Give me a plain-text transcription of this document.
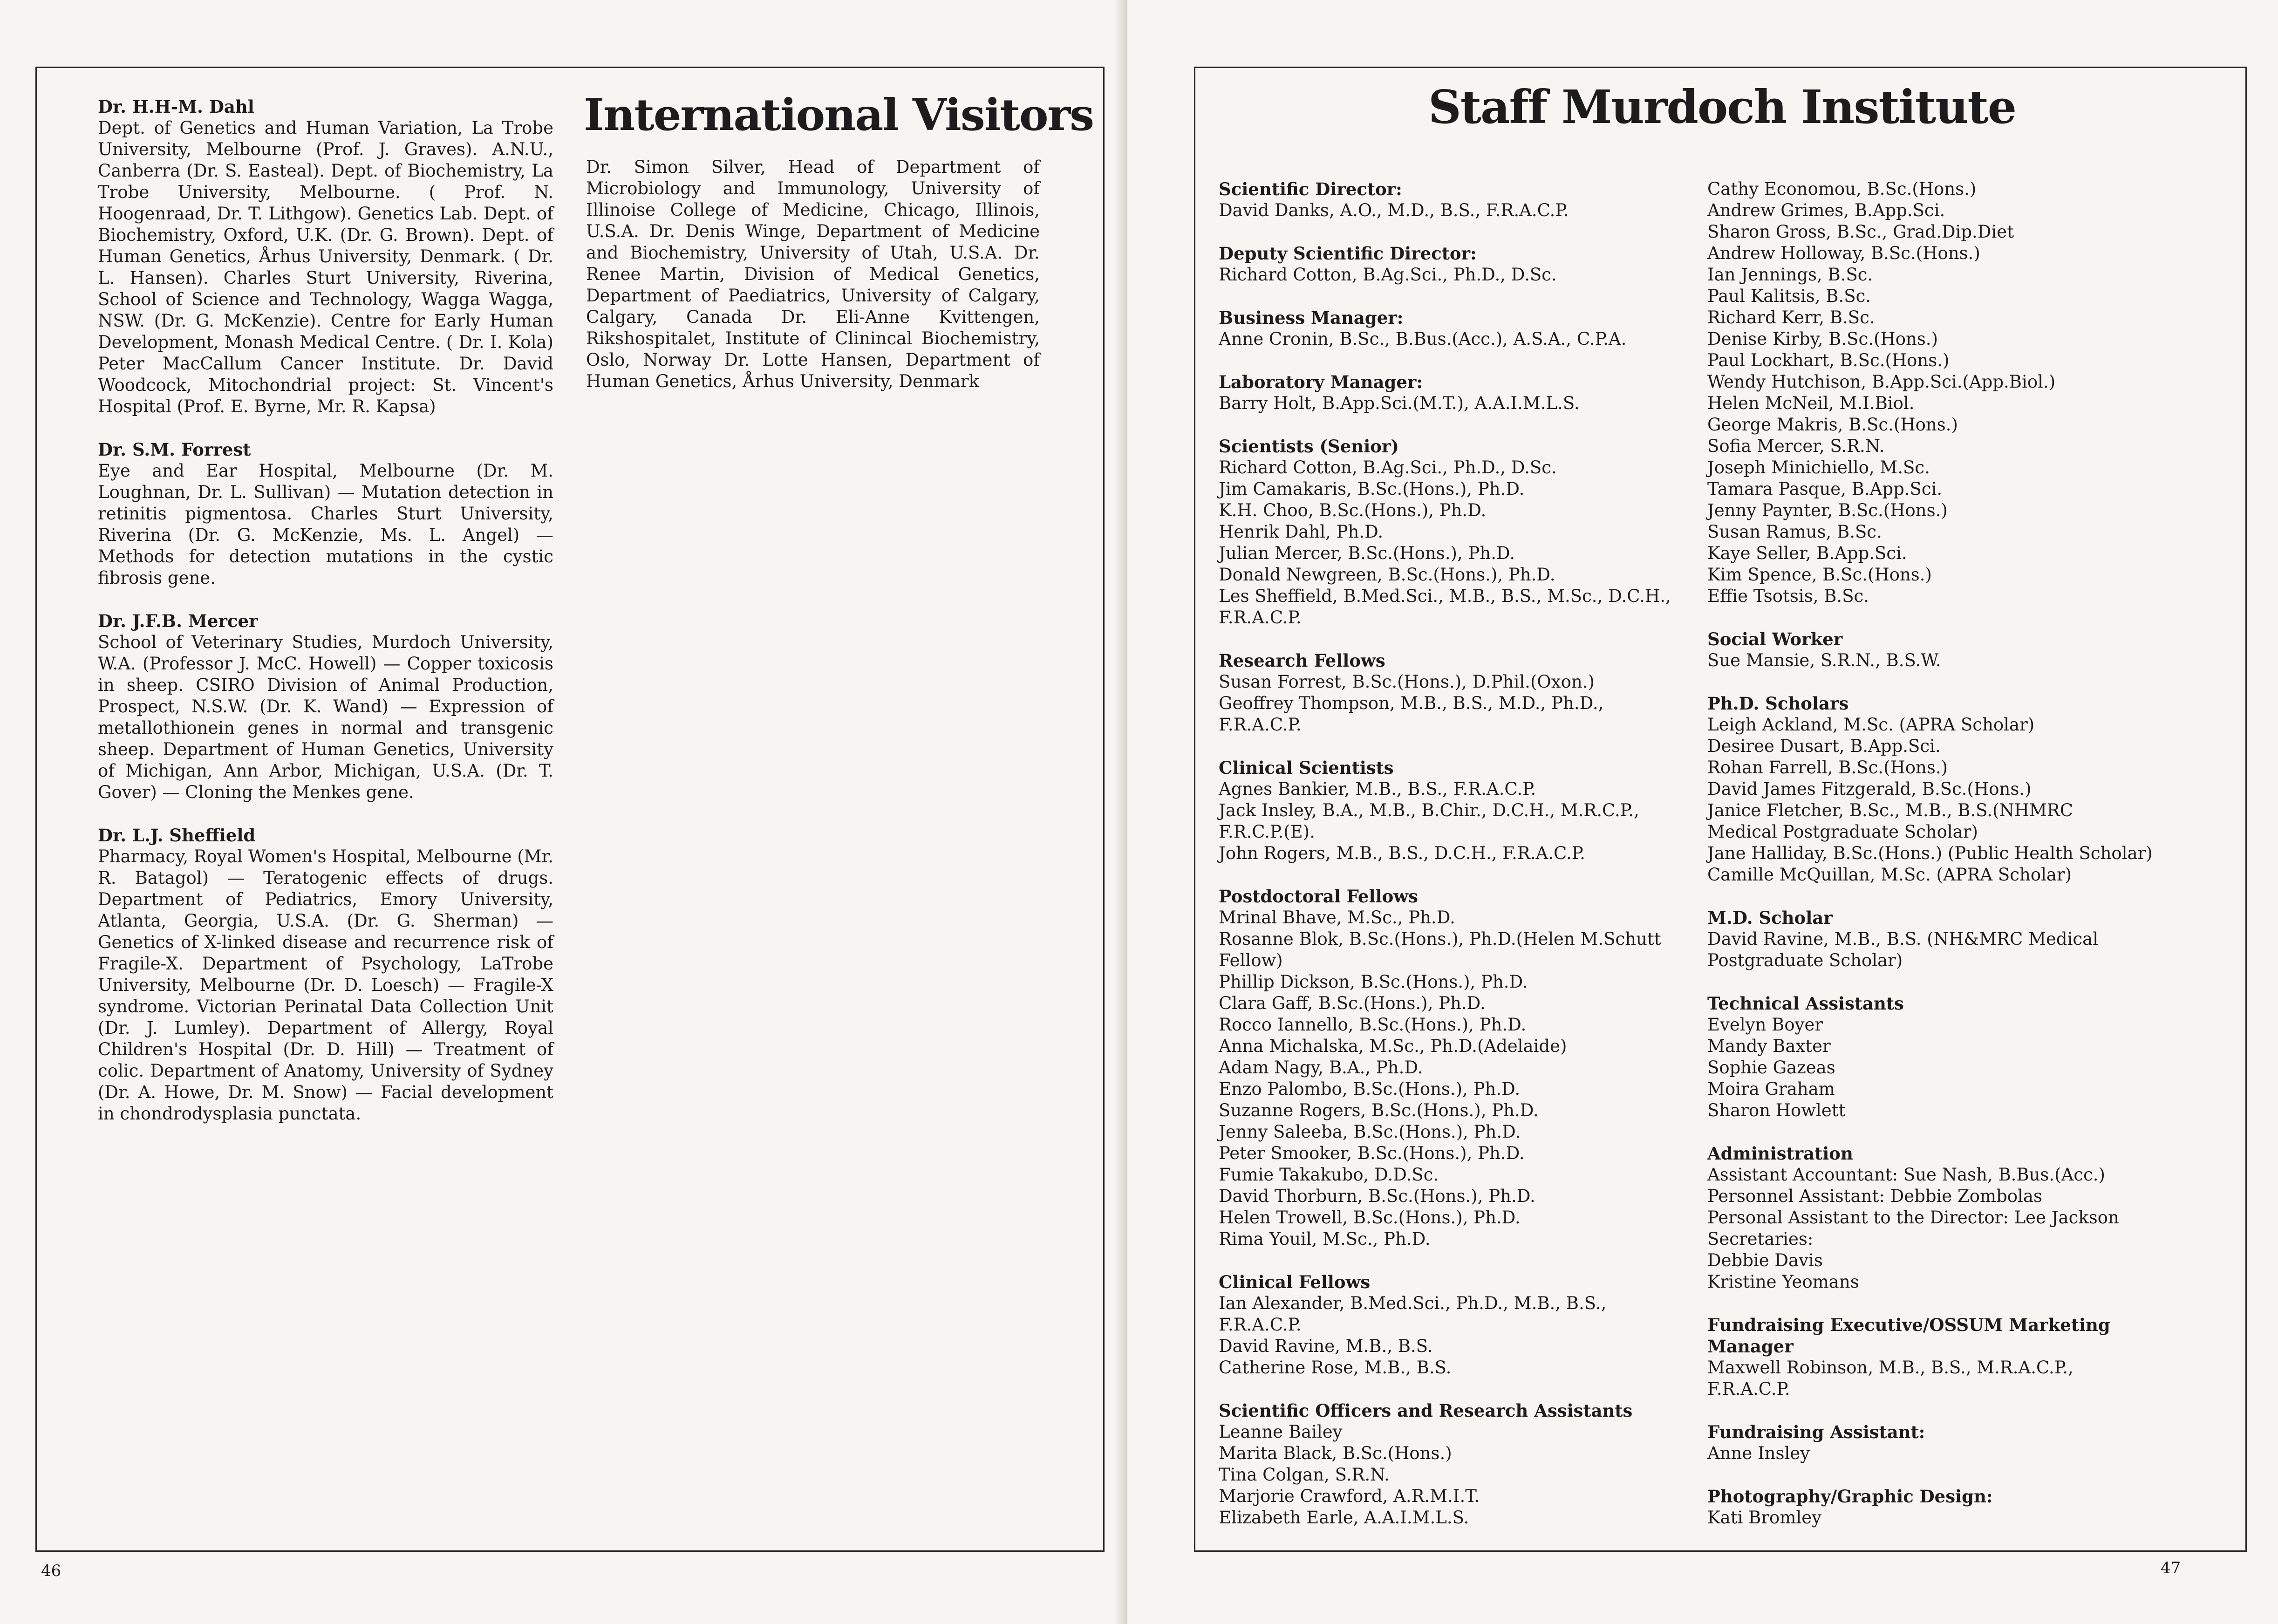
Dr. H.H-M. Dahl

Dept. of Genetics and Human Variation, La Trobe University, Melbourne (Prof. J. Graves). A.N.U., Canberra (Dr. S. Easteal). Dept. of Biochemistry, La Trobe University, Melbourne. ( Prof. N. Hoogenraad, Dr. T. Lithgow). Genetics Lab. Dept. of Biochemistry, Oxford, U.K. (Dr. G. Brown). Dept. of Human Genetics, Århus University, Denmark. ( Dr. L. Hansen). Charles Sturt University, Riverina, School of Science and Technology, Wagga Wagga, NSW. (Dr. G. McKenzie). Centre for Early Human Development, Monash Medical Centre. ( Dr. I. Kola) Peter MacCallum Cancer Institute. Dr. David Woodcock, Mitochondrial project: St. Vincent's Hospital (Prof. E. Byrne, Mr. R. Kapsa)

Dr. S.M. Forrest

Eye and Ear Hospital, Melbourne (Dr. M. Loughnan, Dr. L. Sullivan) — Mutation detection in retinitis pigmentosa. Charles Sturt University, Riverina (Dr. G. McKenzie, Ms. L. Angel) — Methods for detection mutations in the cystic fibrosis gene.

Dr. J.F.B. Mercer

School of Veterinary Studies, Murdoch University, W.A. (Professor J. McC. Howell) — Copper toxicosis in sheep. CSIRO Division of Animal Production, Prospect, N.S.W. (Dr. K. Wand) — Expression of metallothionein genes in normal and transgenic sheep. Department of Human Genetics, University of Michigan, Ann Arbor, Michigan, U.S.A. (Dr. T. Gover) — Cloning the Menkes gene.

Dr. L.J. Sheffield

Pharmacy, Royal Women's Hospital, Melbourne (Mr. R. Batagol) — Teratogenic effects of drugs. Department of Pediatrics, Emory University, Atlanta, Georgia, U.S.A. (Dr. G. Sherman) — Genetics of X-linked disease and recurrence risk of Fragile-X. Department of Psychology, LaTrobe University, Melbourne (Dr. D. Loesch) — Fragile-X syndrome. Victorian Perinatal Data Collection Unit (Dr. J. Lumley). Department of Allergy, Royal Children's Hospital (Dr. D. Hill) — Treatment of colic. Department of Anatomy, University of Sydney (Dr. A. Howe, Dr. M. Snow) — Facial development in chondrodysplasia punctata.

International Visitors

Dr. Simon Silver, Head of Department of Microbiology and Immunology, University of Illinoise College of Medicine, Chicago, Illinois, U.S.A. Dr. Denis Winge, Department of Medicine and Biochemistry, University of Utah, U.S.A. Dr. Renee Martin, Division of Medical Genetics, Department of Paediatrics, University of Calgary, Calgary, Canada Dr. Eli-Anne Kvittengen, Rikshospitalet, Institute of Clinincal Biochemistry, Oslo, Norway Dr. Lotte Hansen, Department of Human Genetics, Århus University, Denmark

46
Staff Murdoch Institute
Scientific Director:
David Danks, A.O., M.D., B.S., F.R.A.C.P.
Deputy Scientific Director:
Richard Cotton, B.Ag.Sci., Ph.D., D.Sc.
Business Manager:
Anne Cronin, B.Sc., B.Bus.(Acc.), A.S.A., C.P.A.
Laboratory Manager:
Barry Holt, B.App.Sci.(M.T.), A.A.I.M.L.S.
Scientists (Senior)
Richard Cotton, B.Ag.Sci., Ph.D., D.Sc.
Jim Camakaris, B.Sc.(Hons.), Ph.D.
K.H. Choo, B.Sc.(Hons.), Ph.D.
Henrik Dahl, Ph.D.
Julian Mercer, B.Sc.(Hons.), Ph.D.
Donald Newgreen, B.Sc.(Hons.), Ph.D.
Les Sheffield, B.Med.Sci., M.B., B.S., M.Sc., D.C.H.,
F.R.A.C.P.
Research Fellows
Susan Forrest, B.Sc.(Hons.), D.Phil.(Oxon.)
Geoffrey Thompson, M.B., B.S., M.D., Ph.D.,
F.R.A.C.P.
Clinical Scientists
Agnes Bankier, M.B., B.S., F.R.A.C.P.
Jack Insley, B.A., M.B., B.Chir., D.C.H., M.R.C.P.,
F.R.C.P.(E).
John Rogers, M.B., B.S., D.C.H., F.R.A.C.P.
Postdoctoral Fellows
Mrinal Bhave, M.Sc., Ph.D.
Rosanne Blok, B.Sc.(Hons.), Ph.D.(Helen M.Schutt
Fellow)
Phillip Dickson, B.Sc.(Hons.), Ph.D.
Clara Gaff, B.Sc.(Hons.), Ph.D.
Rocco Iannello, B.Sc.(Hons.), Ph.D.
Anna Michalska, M.Sc., Ph.D.(Adelaide)
Adam Nagy, B.A., Ph.D.
Enzo Palombo, B.Sc.(Hons.), Ph.D.
Suzanne Rogers, B.Sc.(Hons.), Ph.D.
Jenny Saleeba, B.Sc.(Hons.), Ph.D.
Peter Smooker, B.Sc.(Hons.), Ph.D.
Fumie Takakubo, D.D.Sc.
David Thorburn, B.Sc.(Hons.), Ph.D.
Helen Trowell, B.Sc.(Hons.), Ph.D.
Rima Youil, M.Sc., Ph.D.
Clinical Fellows
Ian Alexander, B.Med.Sci., Ph.D., M.B., B.S.,
F.R.A.C.P.
David Ravine, M.B., B.S.
Catherine Rose, M.B., B.S.
Scientific Officers and Research Assistants
Leanne Bailey
Marita Black, B.Sc.(Hons.)
Tina Colgan, S.R.N.
Marjorie Crawford, A.R.M.I.T.
Elizabeth Earle, A.A.I.M.L.S.
Cathy Economou, B.Sc.(Hons.)
Andrew Grimes, B.App.Sci.
Sharon Gross, B.Sc., Grad.Dip.Diet
Andrew Holloway, B.Sc.(Hons.)
Ian Jennings, B.Sc.
Paul Kalitsis, B.Sc.
Richard Kerr, B.Sc.
Denise Kirby, B.Sc.(Hons.)
Paul Lockhart, B.Sc.(Hons.)
Wendy Hutchison, B.App.Sci.(App.Biol.)
Helen McNeil, M.I.Biol.
George Makris, B.Sc.(Hons.)
Sofia Mercer, S.R.N.
Joseph Minichiello, M.Sc.
Tamara Pasque, B.App.Sci.
Jenny Paynter, B.Sc.(Hons.)
Susan Ramus, B.Sc.
Kaye Seller, B.App.Sci.
Kim Spence, B.Sc.(Hons.)
Effie Tsotsis, B.Sc.
Social Worker
Sue Mansie, S.R.N., B.S.W.
Ph.D. Scholars
Leigh Ackland, M.Sc. (APRA Scholar)
Desiree Dusart, B.App.Sci.
Rohan Farrell, B.Sc.(Hons.)
David James Fitzgerald, B.Sc.(Hons.)
Janice Fletcher, B.Sc., M.B., B.S.(NHMRC
Medical Postgraduate Scholar)
Jane Halliday, B.Sc.(Hons.) (Public Health Scholar)
Camille McQuillan, M.Sc. (APRA Scholar)
M.D. Scholar
David Ravine, M.B., B.S. (NH&MRC Medical
Postgraduate Scholar)
Technical Assistants
Evelyn Boyer
Mandy Baxter
Sophie Gazeas
Moira Graham
Sharon Howlett
Administration
Assistant Accountant: Sue Nash, B.Bus.(Acc.)
Personnel Assistant: Debbie Zombolas
Personal Assistant to the Director: Lee Jackson
Secretaries:
Debbie Davis
Kristine Yeomans
Fundraising Executive/OSSUM Marketing Manager
Maxwell Robinson, M.B., B.S., M.R.A.C.P.,
F.R.A.C.P.
Fundraising Assistant:
Anne Insley
Photography/Graphic Design:
Kati Bromley
47
